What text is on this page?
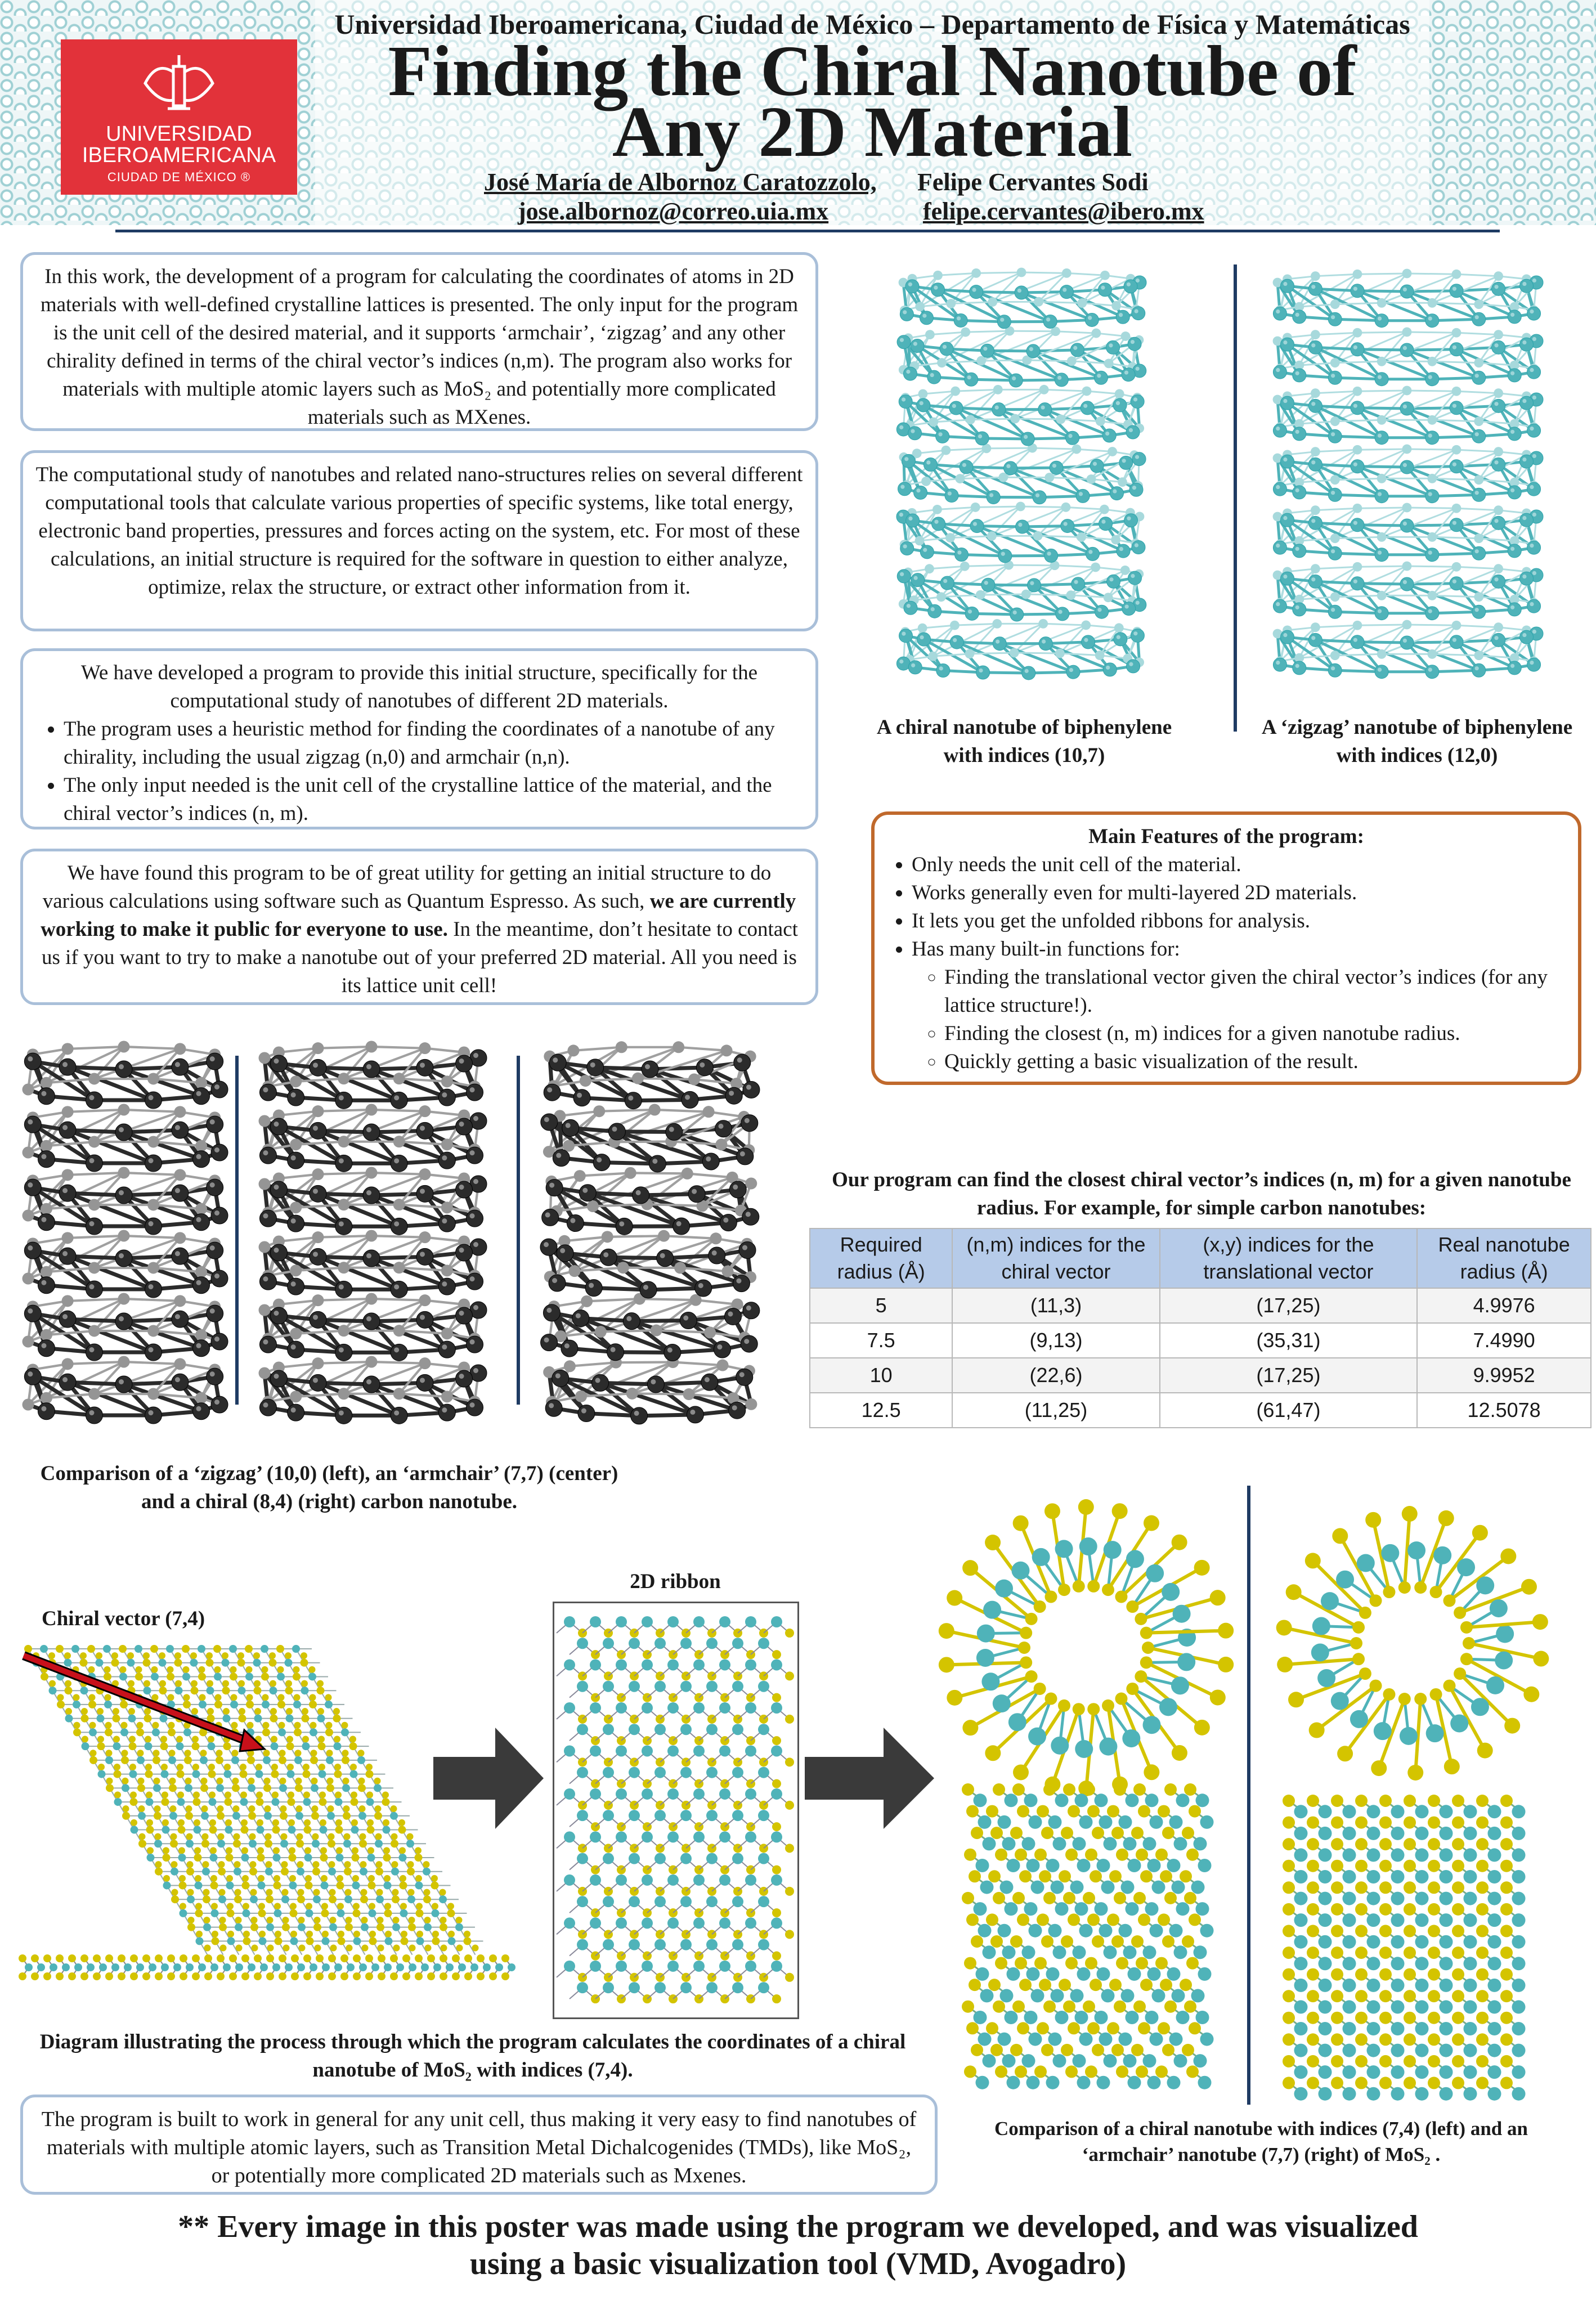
UNIVERSIDAD
IBEROAMERICANA
CIUDAD DE MÉXICO ®
Universidad Iberoamericana, Ciudad de México – Departamento de Física y Matemáticas
Finding the Chiral Nanotube of
Any 2D Material
José María de Albornoz Caratozzolo, Felipe Cervantes Sodi
jose.albornoz@correo.uia.mx	felipe.cervantes@ibero.mx
In this work, the development of a program for calculating the coordinates of atoms in 2D materials with well-defined crystalline lattices is presented. The only input for the program is the unit cell of the desired material, and it supports ‘armchair’, ‘zigzag’ and any other chirality defined in terms of the chiral vector’s indices (n,m). The program also works for materials with multiple atomic layers such as MoS₂ and potentially more complicated materials such as MXenes.
The computational study of nanotubes and related nano-structures relies on several different computational tools that calculate various properties of specific systems, like total energy, electronic band properties, pressures and forces acting on the system, etc. For most of these calculations, an initial structure is required for the software in question to either analyze, optimize, relax the structure, or extract other information from it.
We have developed a program to provide this initial structure, specifically for the computational study of nanotubes of different 2D materials.
• The program uses a heuristic method for finding the coordinates of a nanotube of any chirality, including the usual zigzag (n,0) and armchair (n,n).
• The only input needed is the unit cell of the crystalline lattice of the material, and the chiral vector’s indices (n, m).
We have found this program to be of great utility for getting an initial structure to do various calculations using software such as Quantum Espresso. As such, we are currently working to make it public for everyone to use. In the meantime, don’t hesitate to contact us if you want to try to make a nanotube out of your preferred 2D material. All you need is its lattice unit cell!
A chiral nanotube of biphenylene with indices (10,7)
A ‘zigzag’ nanotube of biphenylene with indices (12,0)
Main Features of the program:
• Only needs the unit cell of the material.
• Works generally even for multi-layered 2D materials.
• It lets you get the unfolded ribbons for analysis.
• Has many built-in functions for:
◦ Finding the translational vector given the chiral vector’s indices (for any lattice structure!).
◦ Finding the closest (n, m) indices for a given nanotube radius.
◦ Quickly getting a basic visualization of the result.
Comparison of a ‘zigzag’ (10,0) (left), an ‘armchair’ (7,7) (center) and a chiral (8,4) (right) carbon nanotube.
Our program can find the closest chiral vector’s indices (n, m) for a given nanotube radius. For example, for simple carbon nanotubes:
Required radius (Å)	(n,m) indices for the chiral vector	(x,y) indices for the translational vector	Real nanotube radius (Å)
5	(11,3)	(17,25)	4.9976
7.5	(9,13)	(35,31)	7.4990
10	(22,6)	(17,25)	9.9952
12.5	(11,25)	(61,47)	12.5078
Chiral vector (7,4)
2D ribbon
Diagram illustrating the process through which the program calculates the coordinates of a chiral nanotube of MoS₂ with indices (7,4).
Comparison of a chiral nanotube with indices (7,4) (left) and an ‘armchair’ nanotube (7,7) (right) of MoS₂ .
The program is built to work in general for any unit cell, thus making it very easy to find nanotubes of materials with multiple atomic layers, such as Transition Metal Dichalcogenides (TMDs), like MoS₂, or potentially more complicated 2D materials such as Mxenes.
** Every image in this poster was made using the program we developed, and was visualized
using a basic visualization tool (VMD, Avogadro)
